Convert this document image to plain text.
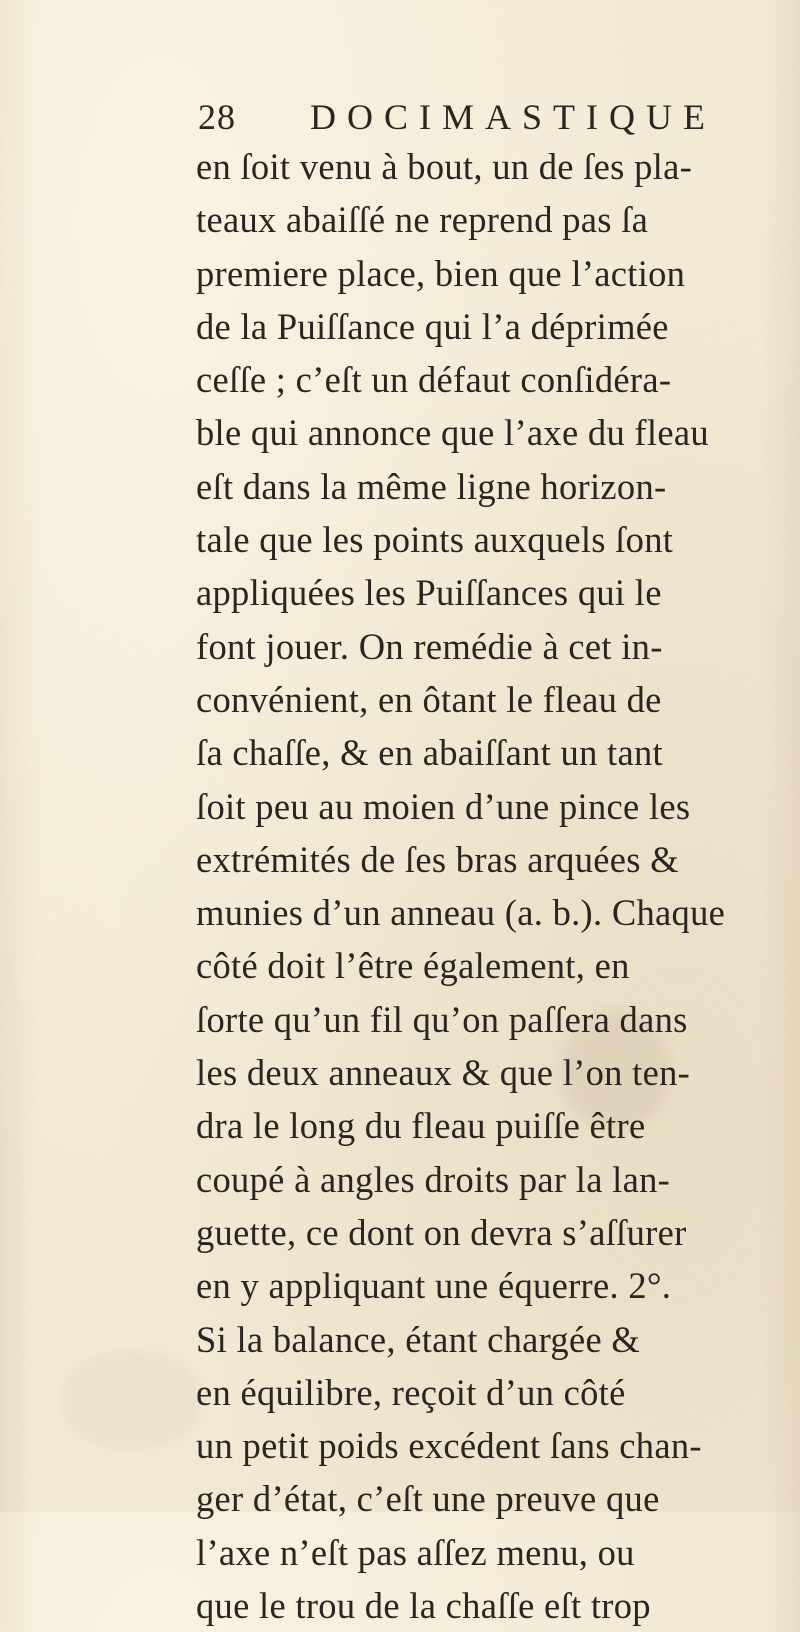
28 DOCIMASTIQUE
en ſoit venu à bout, un de ſes pla-
teaux abaiſſé ne reprend pas ſa
premiere place, bien que l’action
de la Puiſſance qui l’a déprimée
ceſſe ; c’eſt un défaut conſidéra-
ble qui annonce que l’axe du fleau
eſt dans la même ligne horizon-
tale que les points auxquels ſont
appliquées les Puiſſances qui le
font jouer. On remédie à cet in-
convénient, en ôtant le fleau de
ſa chaſſe, & en abaiſſant un tant
ſoit peu au moien d’une pince les
extrémités de ſes bras arquées &
munies d’un anneau (a. b.). Chaque
côté doit l’être également, en
ſorte qu’un fil qu’on paſſera dans
les deux anneaux & que l’on ten-
dra le long du fleau puiſſe être
coupé à angles droits par la lan-
guette, ce dont on devra s’aſſurer
en y appliquant une équerre. 2°.
Si la balance, étant chargée &
en équilibre, reçoit d’un côté
un petit poids excédent ſans chan-
ger d’état, c’eſt une preuve que
l’axe n’eſt pas aſſez menu, ou
que le trou de la chaſſe eſt trop
